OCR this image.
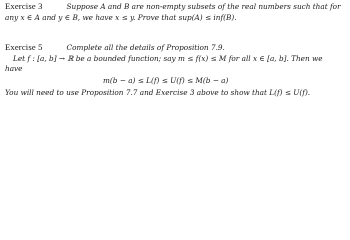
Exercise 3	Suppose A and B are non-empty subsets of the real numbers such that for
any x ∈ A and y ∈ B, we have x ≤ y. Prove that sup(A) ≤ inf(B).
Exercise 5	Complete all the details of Proposition 7.9.
Let f : [a, b] → ℝ be a bounded function; say m ≤ f(x) ≤ M for all x ∈ [a, b]. Then we
have
m(b − a) ≤ L(f) ≤ U(f) ≤ M(b − a)
You will need to use Proposition 7.7 and Exercise 3 above to show that L(f) ≤ U(f).
